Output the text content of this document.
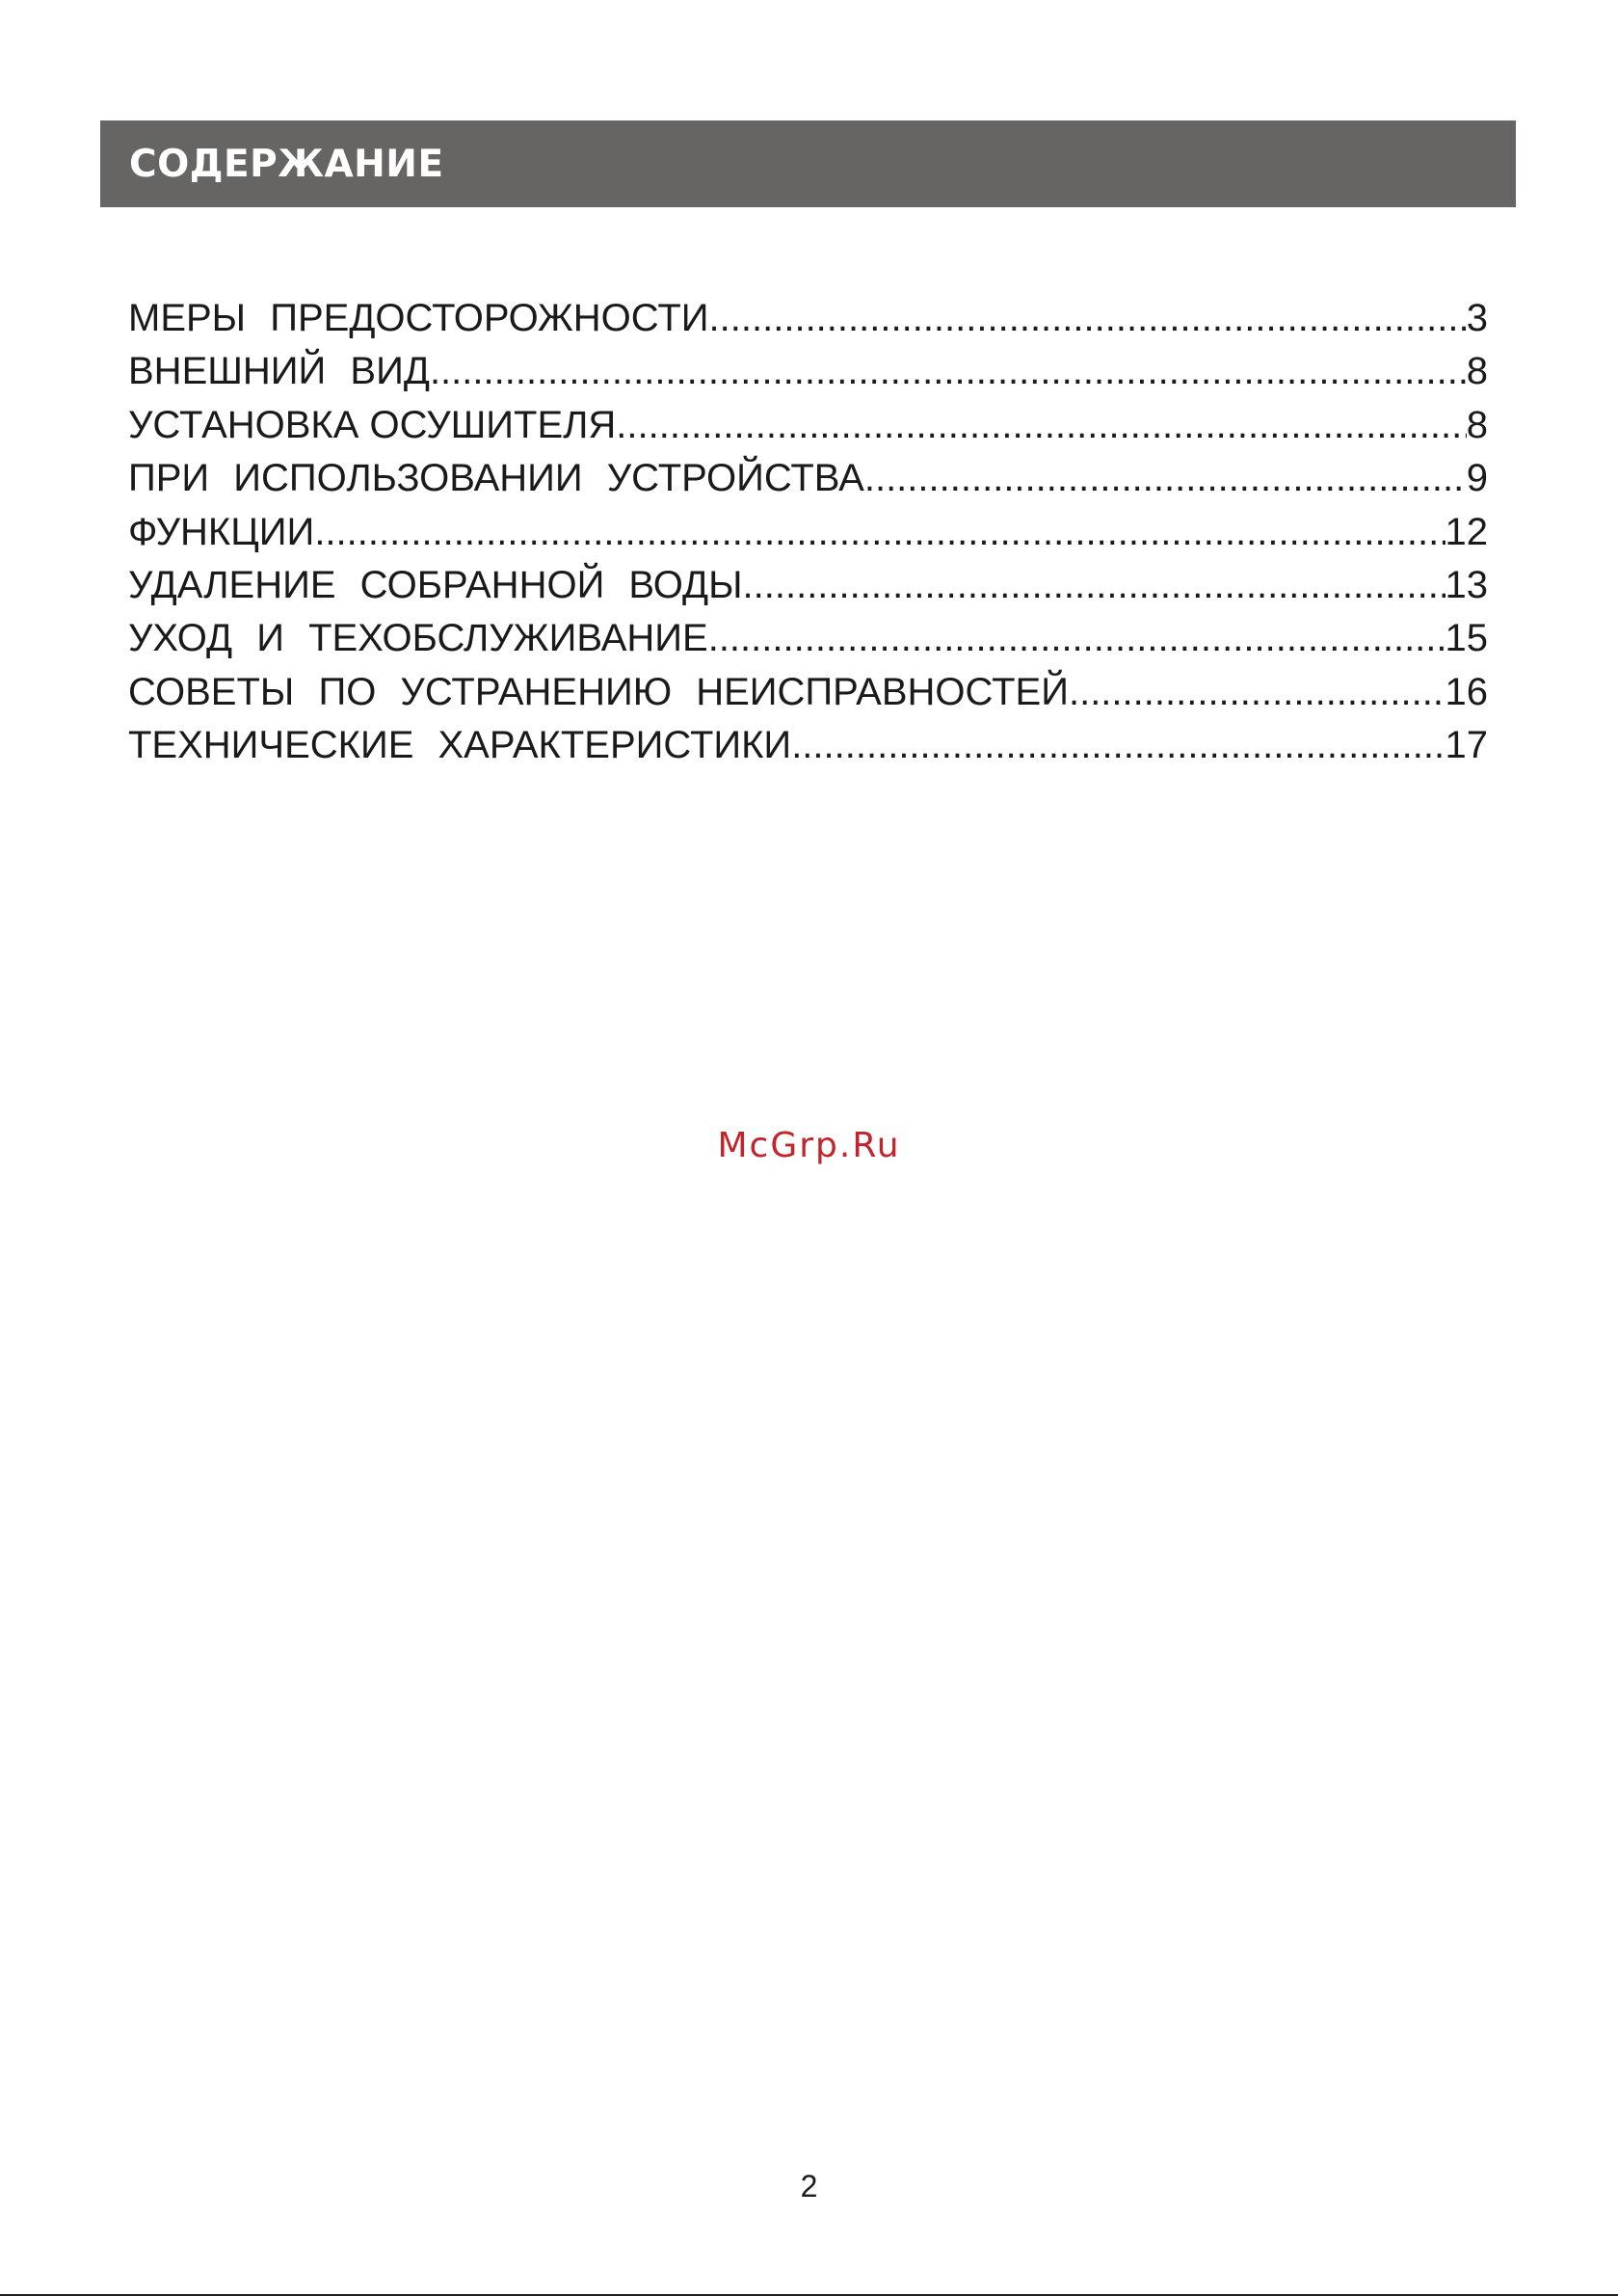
СОДЕРЖАНИЕ
МЕРЫ ПРЕДОСТОРОЖНОСТИ .....	3
ВНЕШНИЙ ВИД .....	8
УСТАНОВКА ОСУШИТЕЛЯ .....	8
ПРИ ИСПОЛЬЗОВАНИИ УСТРОЙСТВА .....	9
ФУНКЦИИ .....	12
УДАЛЕНИЕ СОБРАННОЙ ВОДЫ .....	13
УХОД И ТЕХОБСЛУЖИВАНИЕ .....	15
СОВЕТЫ ПО УСТРАНЕНИЮ НЕИСПРАВНОСТЕЙ .....	16
ТЕХНИЧЕСКИЕ ХАРАКТЕРИСТИКИ .....	17
McGrp.Ru
2
